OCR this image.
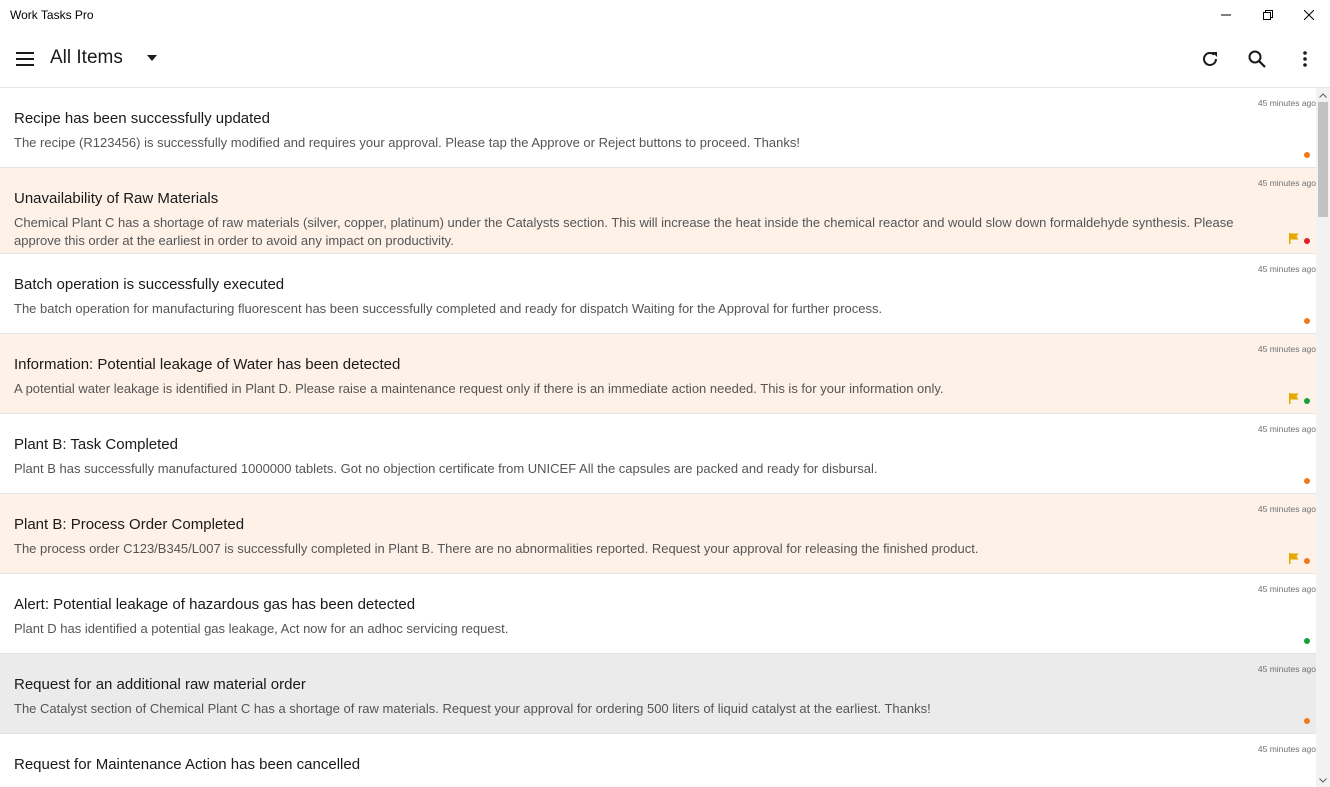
Work Tasks Pro
All Items
45 minutes ago
Recipe has been successfully updated
The recipe (R123456) is successfully modified and requires your approval. Please tap the Approve or Reject buttons to proceed. Thanks!
45 minutes ago
Unavailability of Raw Materials
Chemical Plant C has a shortage of raw materials (silver, copper, platinum) under the Catalysts section. This will increase the heat inside the chemical reactor and would slow down formaldehyde synthesis. Please approve this order at the earliest in order to avoid any impact on productivity.
45 minutes ago
Batch operation is successfully executed
The batch operation for manufacturing fluorescent has been successfully completed and ready for dispatch Waiting for the Approval for further process.
45 minutes ago
Information: Potential leakage of Water has been detected
A potential water leakage is identified in Plant D. Please raise a maintenance request only if there is an immediate action needed. This is for your information only.
45 minutes ago
Plant B: Task Completed
Plant B has successfully manufactured 1000000 tablets. Got no objection certificate from UNICEF All the capsules are packed and ready for disbursal.
45 minutes ago
Plant B: Process Order Completed
The process order C123/B345/L007 is successfully completed in Plant B. There are no abnormalities reported. Request your approval for releasing the finished product.
45 minutes ago
Alert: Potential leakage of hazardous gas has been detected
Plant D has identified a potential gas leakage, Act now for an adhoc servicing request.
45 minutes ago
Request for an additional raw material order
The Catalyst section of Chemical Plant C has a shortage of raw materials. Request your approval for ordering 500 liters of liquid catalyst at the earliest. Thanks!
45 minutes ago
Request for Maintenance Action has been cancelled
